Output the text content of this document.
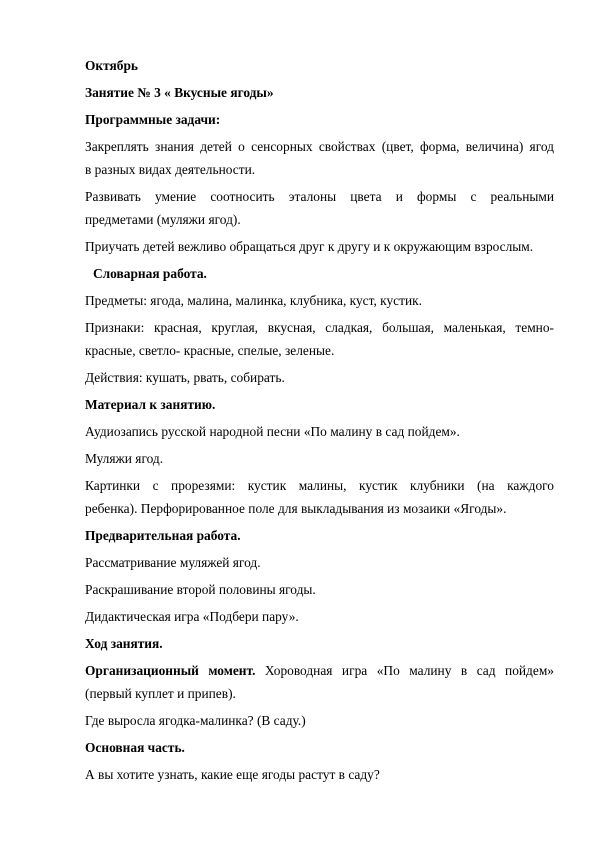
Октябрь
Занятие № 3 « Вкусные ягоды»
Программные задачи:
Закреплять знания детей о сенсорных свойствах (цвет, форма, величина) ягод
в разных видах деятельности.
Развивать умение соотносить эталоны цвета и формы с реальными
предметами (муляжи ягод).
Приучать детей вежливо обращаться друг к другу и к окружающим взрослым.
Словарная работа.
Предметы: ягода, малина, малинка, клубника, куст, кустик.
Признаки: красная, круглая, вкусная, сладкая, большая, маленькая, темно-
красные, светло- красные, спелые, зеленые.
Действия: кушать, рвать, собирать.
Материал к занятию.
Аудиозапись русской народной песни «По малину в сад пойдем».
Муляжи ягод.
Картинки с прорезями: кустик малины, кустик клубники (на каждого
ребенка). Перфорированное поле для выкладывания из мозаики «Ягоды».
Предварительная работа.
Рассматривание муляжей ягод.
Раскрашивание второй половины ягоды.
Дидактическая игра «Подбери пару».
Ход занятия.
Организационный момент. Хороводная игра «По малину в сад пойдем»
(первый куплет и припев).
Где выросла ягодка-малинка? (В саду.)
Основная часть.
А вы хотите узнать, какие еще ягоды растут в саду?
